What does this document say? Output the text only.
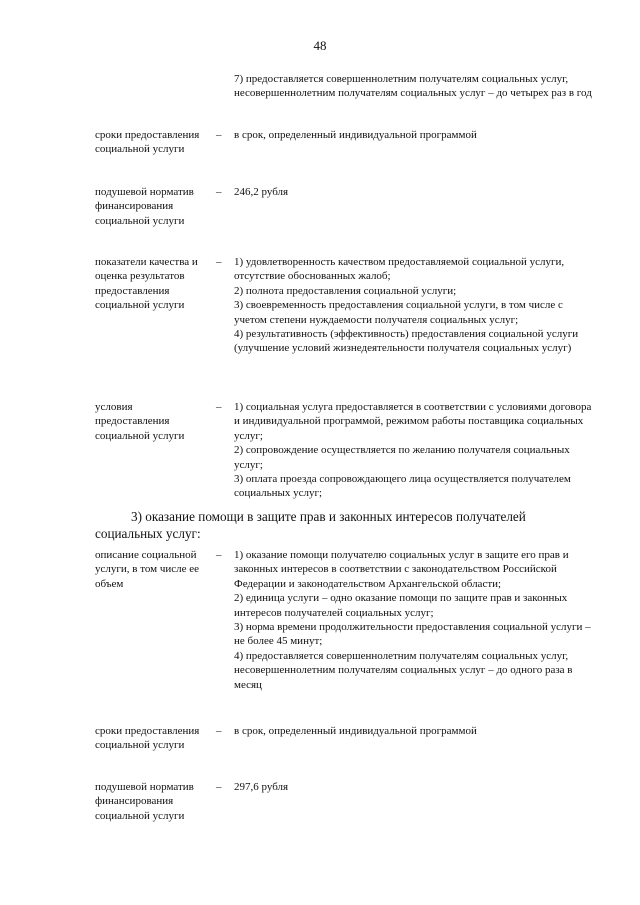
48
7) предоставляется совершеннолетним получателям социальных услуг, несовершеннолетним получателям социальных услуг – до четырех раз в год
сроки предоставления социальной услуги
– в срок, определенный индивидуальной программой
подушевой норматив финансирования социальной услуги
– 246,2 рубля
показатели качества и оценка результатов предоставления социальной услуги
– 1) удовлетворенность качеством предоставляемой социальной услуги, отсутствие обоснованных жалоб;
2) полнота предоставления социальной услуги;
3) своевременность предоставления социальной услуги, в том числе с учетом степени нуждаемости получателя социальных услуг;
4) результативность (эффективность) предоставления социальной услуги (улучшение условий жизнедеятельности получателя социальных услуг)
условия предоставления социальной услуги
– 1) социальная услуга предоставляется в соответствии с условиями договора и индивидуальной программой, режимом работы поставщика социальных услуг;
2) сопровождение осуществляется по желанию получателя социальных услуг;
3) оплата проезда сопровождающего лица осуществляется получателем социальных услуг;
3) оказание помощи в защите прав и законных интересов получателей
социальных услуг:
описание социальной услуги, в том числе ее объем
– 1) оказание помощи получателю социальных услуг в защите его прав и законных интересов в соответствии с законодательством Российской Федерации и законодательством Архангельской области;
2) единица услуги – одно оказание помощи по защите прав и законных интересов получателей социальных услуг;
3) норма времени продолжительности предоставления социальной услуги – не более 45 минут;
4) предоставляется совершеннолетним получателям социальных услуг, несовершеннолетним получателям социальных услуг – до одного раза в месяц
сроки предоставления социальной услуги
– в срок, определенный индивидуальной программой
подушевой норматив финансирования социальной услуги
– 297,6 рубля
